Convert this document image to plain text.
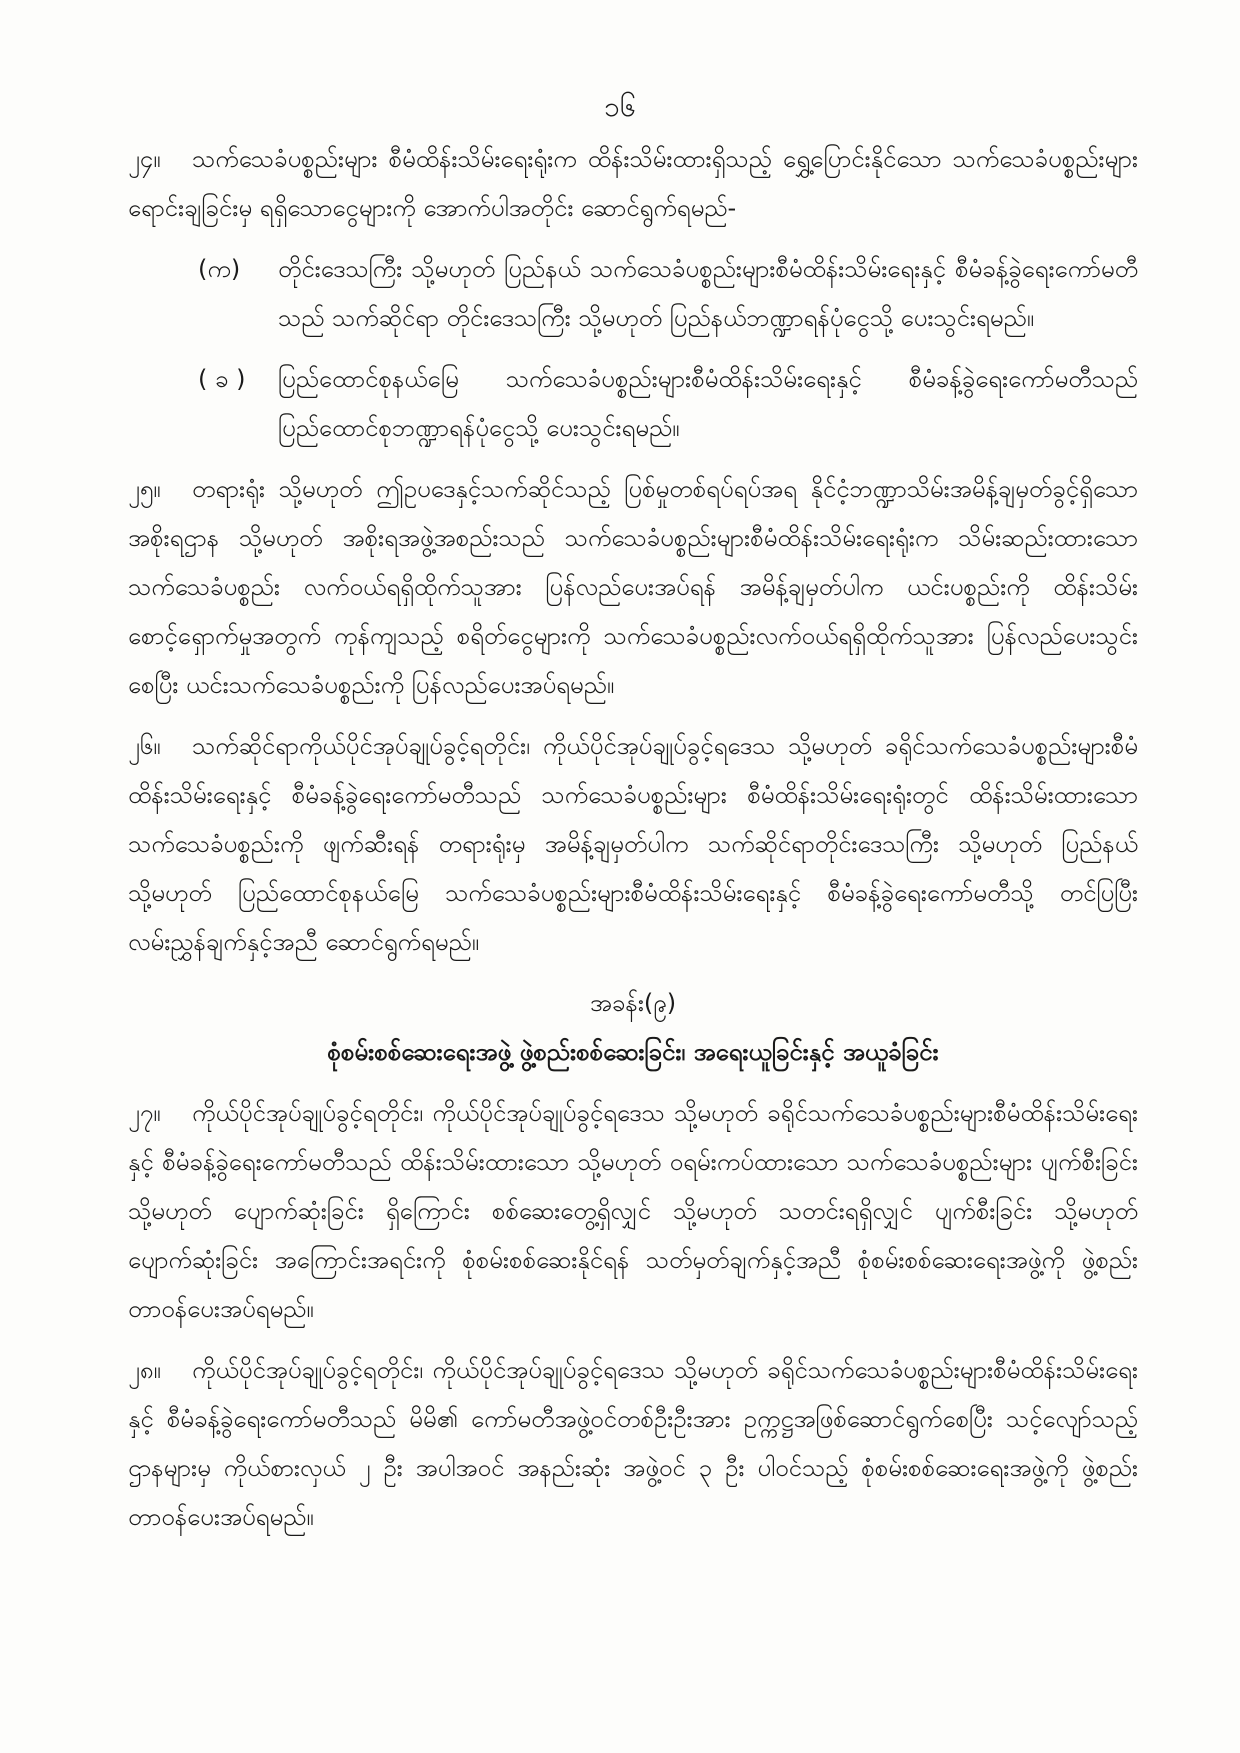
၁၆

၂၄။ သက်သေခံပစ္စည်းများ စီမံထိန်းသိမ်းရေးရုံးက ထိန်းသိမ်းထားရှိသည့် ရွှေ့ပြောင်းနိုင်သော သက်သေခံပစ္စည်းများ ရောင်းချခြင်းမှ ရရှိသောငွေများကို အောက်ပါအတိုင်း ဆောင်ရွက်ရမည်-

(က)	တိုင်းဒေသကြီး သို့မဟုတ် ပြည်နယ် သက်သေခံပစ္စည်းများစီမံထိန်းသိမ်းရေးနှင့် စီမံခန့်ခွဲရေးကော်မတီသည် သက်ဆိုင်ရာ တိုင်းဒေသကြီး သို့မဟုတ် ပြည်နယ်ဘဏ္ဍာရန်ပုံငွေသို့ ပေးသွင်းရမည်။
( ခ )	ပြည်ထောင်စုနယ်မြေ သက်သေခံပစ္စည်းများစီမံထိန်းသိမ်းရေးနှင့် စီမံခန့်ခွဲရေးကော်မတီသည် ပြည်ထောင်စုဘဏ္ဍာရန်ပုံငွေသို့ ပေးသွင်းရမည်။

၂၅။ တရားရုံး သို့မဟုတ် ဤဥပဒေနှင့်သက်ဆိုင်သည့် ပြစ်မှုတစ်ရပ်ရပ်အရ နိုင်ငံ့ဘဏ္ဍာသိမ်းအမိန့်ချမှတ်ခွင့်ရှိသော အစိုးရဌာန သို့မဟုတ် အစိုးရအဖွဲ့အစည်းသည် သက်သေခံပစ္စည်းများစီမံထိန်းသိမ်းရေးရုံးက သိမ်းဆည်းထားသော သက်သေခံပစ္စည်း လက်ဝယ်ရရှိထိုက်သူအား ပြန်လည်ပေးအပ်ရန် အမိန့်ချမှတ်ပါက ယင်းပစ္စည်းကို ထိန်းသိမ်းစောင့်ရှောက်မှုအတွက် ကုန်ကျသည့် စရိတ်ငွေများကို သက်သေခံပစ္စည်းလက်ဝယ်ရရှိထိုက်သူအား ပြန်လည်ပေးသွင်းစေပြီး ယင်းသက်သေခံပစ္စည်းကို ပြန်လည်ပေးအပ်ရမည်။

၂၆။ သက်ဆိုင်ရာကိုယ်ပိုင်အုပ်ချုပ်ခွင့်ရတိုင်း၊ ကိုယ်ပိုင်အုပ်ချုပ်ခွင့်ရဒေသ သို့မဟုတ် ခရိုင်သက်သေခံပစ္စည်းများစီမံထိန်းသိမ်းရေးနှင့် စီမံခန့်ခွဲရေးကော်မတီသည် သက်သေခံပစ္စည်းများ စီမံထိန်းသိမ်းရေးရုံးတွင် ထိန်းသိမ်းထားသော သက်သေခံပစ္စည်းကို ဖျက်ဆီးရန် တရားရုံးမှ အမိန့်ချမှတ်ပါက သက်ဆိုင်ရာတိုင်းဒေသကြီး သို့မဟုတ် ပြည်နယ် သို့မဟုတ် ပြည်ထောင်စုနယ်မြေ သက်သေခံပစ္စည်းများစီမံထိန်းသိမ်းရေးနှင့် စီမံခန့်ခွဲရေးကော်မတီသို့ တင်ပြပြီး လမ်းညွှန်ချက်နှင့်အညီ ဆောင်ရွက်ရမည်။

အခန်း(၉)
စုံစမ်းစစ်ဆေးရေးအဖွဲ့ ဖွဲ့စည်းစစ်ဆေးခြင်း၊ အရေးယူခြင်းနှင့် အယူခံခြင်း

၂၇။ ကိုယ်ပိုင်အုပ်ချုပ်ခွင့်ရတိုင်း၊ ကိုယ်ပိုင်အုပ်ချုပ်ခွင့်ရဒေသ သို့မဟုတ် ခရိုင်သက်သေခံပစ္စည်းများစီမံထိန်းသိမ်းရေးနှင့် စီမံခန့်ခွဲရေးကော်မတီသည် ထိန်းသိမ်းထားသော သို့မဟုတ် ဝရမ်းကပ်ထားသော သက်သေခံပစ္စည်းများ ပျက်စီးခြင်း သို့မဟုတ် ပျောက်ဆုံးခြင်း ရှိကြောင်း စစ်ဆေးတွေ့ရှိလျှင် သို့မဟုတ် သတင်းရရှိလျှင် ပျက်စီးခြင်း သို့မဟုတ် ပျောက်ဆုံးခြင်း အကြောင်းအရင်းကို စုံစမ်းစစ်ဆေးနိုင်ရန် သတ်မှတ်ချက်နှင့်အညီ စုံစမ်းစစ်ဆေးရေးအဖွဲ့ကို ဖွဲ့စည်းတာဝန်ပေးအပ်ရမည်။

၂၈။ ကိုယ်ပိုင်အုပ်ချုပ်ခွင့်ရတိုင်း၊ ကိုယ်ပိုင်အုပ်ချုပ်ခွင့်ရဒေသ သို့မဟုတ် ခရိုင်သက်သေခံပစ္စည်းများစီမံထိန်းသိမ်းရေးနှင့် စီမံခန့်ခွဲရေးကော်မတီသည် မိမိ၏ ကော်မတီအဖွဲ့ဝင်တစ်ဦးဦးအား ဥက္ကဋ္ဌအဖြစ်ဆောင်ရွက်စေပြီး သင့်လျော်သည့်ဌာနများမှ ကိုယ်စားလှယ် ၂ ဦး အပါအဝင် အနည်းဆုံး အဖွဲ့ဝင် ၃ ဦး ပါဝင်သည့် စုံစမ်းစစ်ဆေးရေးအဖွဲ့ကို ဖွဲ့စည်းတာဝန်ပေးအပ်ရမည်။
